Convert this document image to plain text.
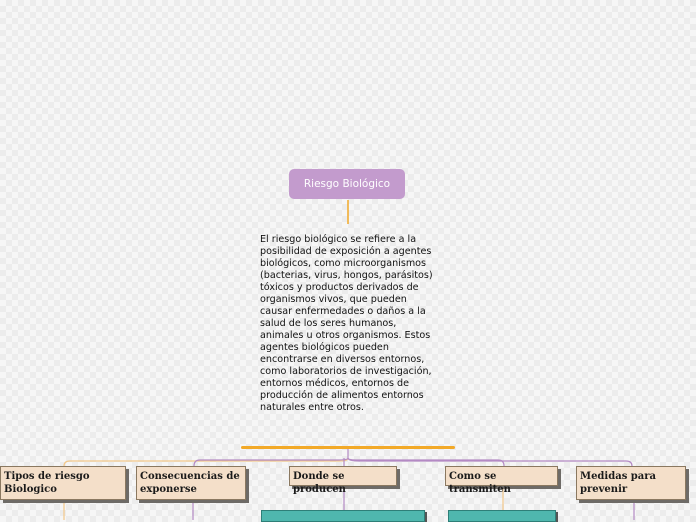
Riesgo Biológico

El riesgo biológico se refiere a la posibilidad de exposición a agentes biológicos, como microorganismos (bacterias, virus, hongos, parásitos) tóxicos y productos derivados de organismos vivos, que pueden causar enfermedades o daños a la salud de los seres humanos, animales u otros organismos. Estos agentes biológicos pueden encontrarse en diversos entornos, como laboratorios de investigación, entornos médicos, entornos de producción de alimentos entornos naturales entre otros.

Tipos de riesgo Biologico
Consecuencias de exponerse
Donde se producen
Como se transmiten
Medidas para prevenir
